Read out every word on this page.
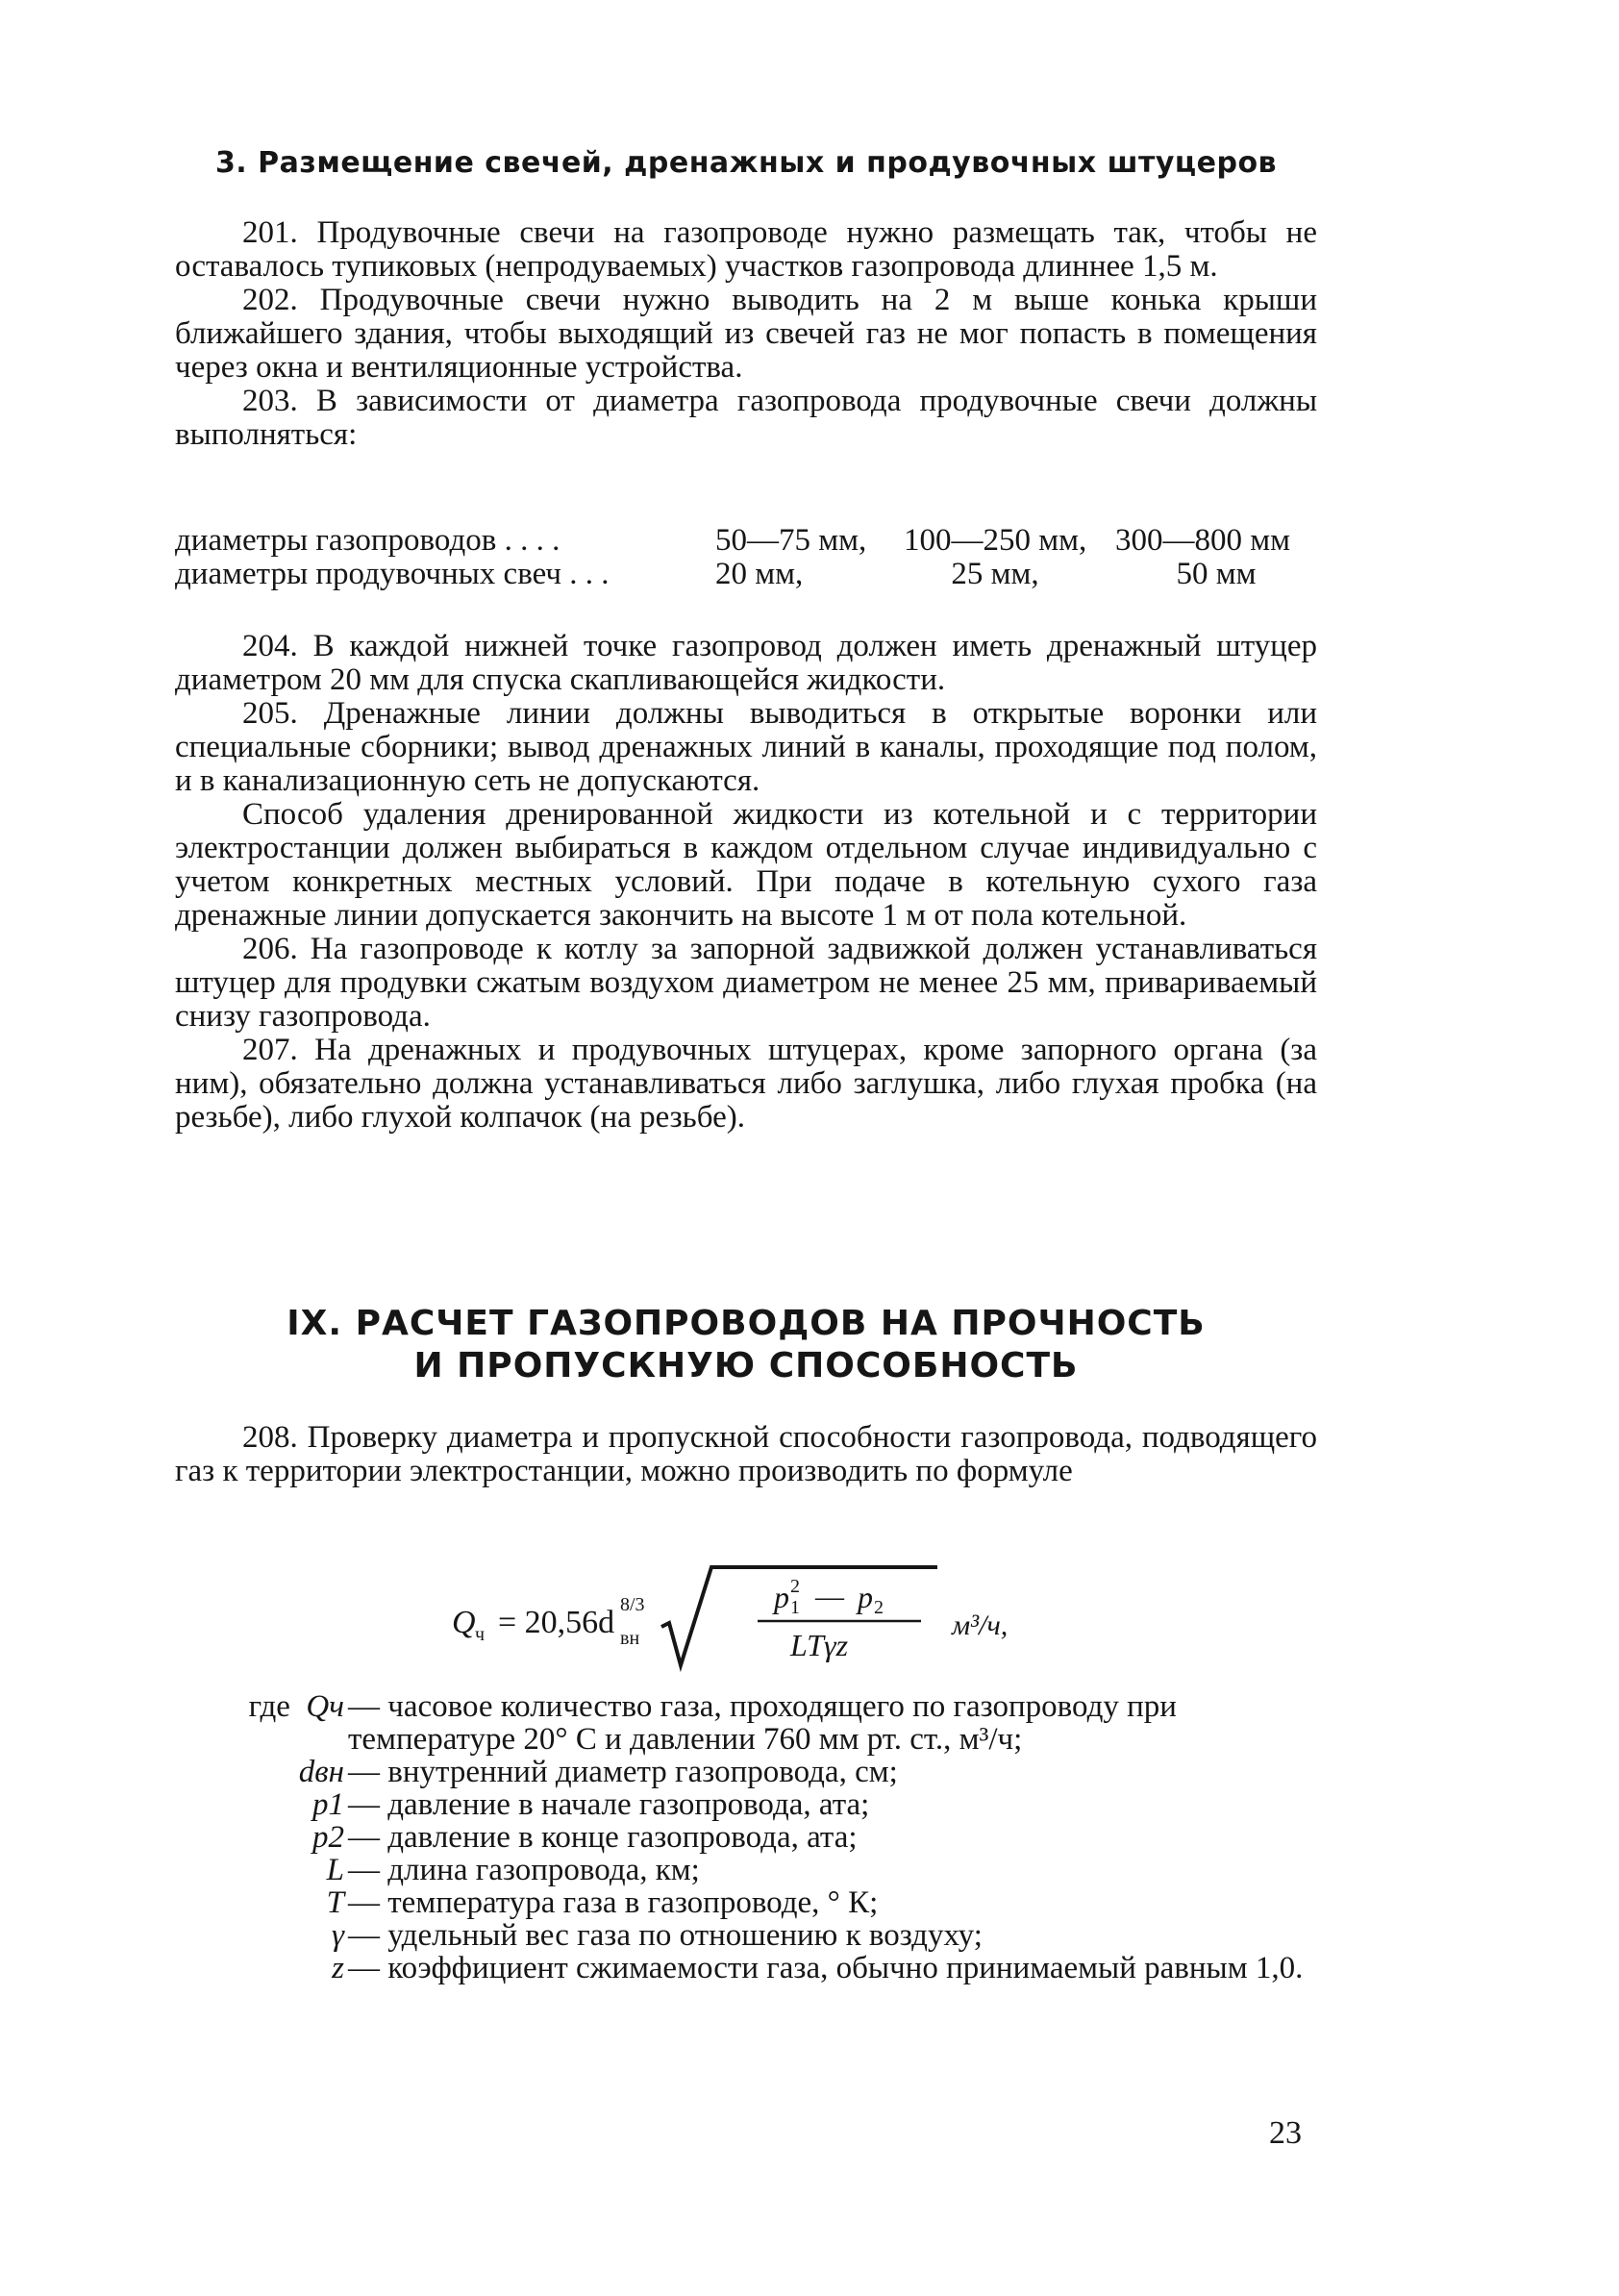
3. Размещение свечей, дренажных и продувочных штуцеров

201. Продувочные свечи на газопроводе нужно размещать так, чтобы не оставалось тупиковых (непродуваемых) участков газопровода длиннее 1,5 м.

202. Продувочные свечи нужно выводить на 2 м выше конька крыши ближайшего здания, чтобы выходящий из свечей газ не мог попасть в помещения через окна и вентиляционные устройства.

203. В зависимости от диаметра газопровода продувочные свечи должны выполняться:

диаметры газопроводов . . . .	50—75 мм,	100—250 мм, 300—800 мм
диаметры продувочных свеч . . .	20 мм,	25 мм,	50 мм

204. В каждой нижней точке газопровод должен иметь дренажный штуцер диаметром 20 мм для спуска скапливающейся жидкости.

205. Дренажные линии должны выводиться в открытые воронки или специальные сборники; вывод дренажных линий в каналы, проходящие под полом, и в канализационную сеть не допускаются.

Способ удаления дренированной жидкости из котельной и с территории электростанции должен выбираться в каждом отдельном случае индивидуально с учетом конкретных местных условий. При подаче в котельную сухого газа дренажные линии допускается закончить на высоте 1 м от пола котельной.

206. На газопроводе к котлу за запорной задвижкой должен устанавливаться штуцер для продувки сжатым воздухом диаметром не менее 25 мм, привариваемый снизу газопровода.

207. На дренажных и продувочных штуцерах, кроме запорного органа (за ним), обязательно должна устанавливаться либо заглушка, либо глухая пробка (на резьбе), либо глухой колпачок (на резьбе).

IX. РАСЧЕТ ГАЗОПРОВОДОВ НА ПРОЧНОСТЬ
И ПРОПУСКНУЮ СПОСОБНОСТЬ

208. Проверку диаметра и пропускной способности газопровода, подводящего газ к территории электростанции, можно производить по формуле

Q ч = 20,56d 8/3
вн
p 2
1 — p 2
LTγz
м³/ч,
где Qч — часовое количество газа, проходящего по газопроводу при температуре 20° С и давлении 760 мм рт. ст., м³/ч;
dвн — внутренний диаметр газопровода, см;
p1 — давление в начале газопровода, ата;
p2 — давление в конце газопровода, ата;
L — длина газопровода, км;
T — температура газа в газопроводе, ° К;
γ — удельный вес газа по отношению к воздуху;
z — коэффициент сжимаемости газа, обычно принимаемый равным 1,0.
23
